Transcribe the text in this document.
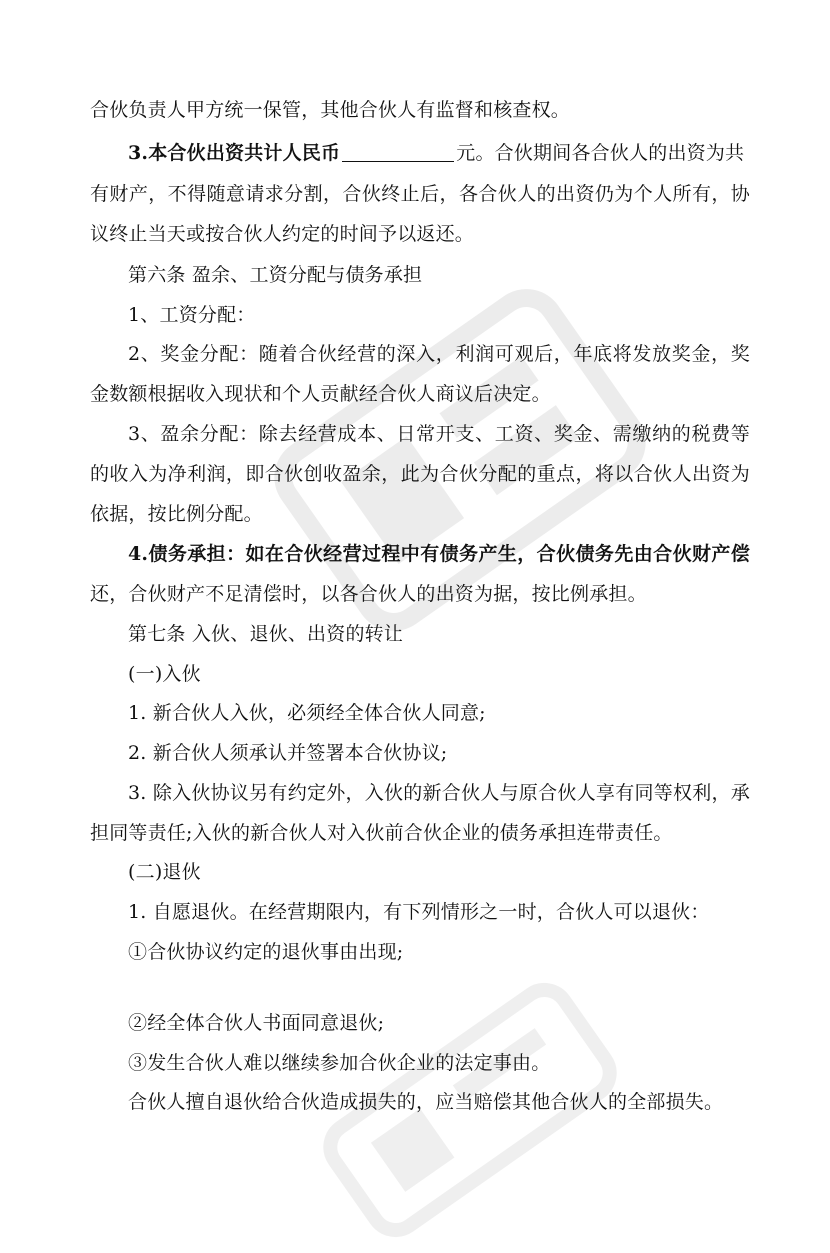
合伙负责人甲方统一保管，其他合伙人有监督和核查权。
3.本合伙出资共计人民币	元。合伙期间各合伙人的出资为共
有财产，不得随意请求分割，合伙终止后，各合伙人的出资仍为个人所有，协
议终止当天或按合伙人约定的时间予以返还。
第六条 盈余、工资分配与债务承担
1、工资分配：
2、奖金分配：随着合伙经营的深入，利润可观后，年底将发放奖金，奖
金数额根据收入现状和个人贡献经合伙人商议后决定。
3、盈余分配：除去经营成本、日常开支、工资、奖金、需缴纳的税费等
的收入为净利润，即合伙创收盈余，此为合伙分配的重点，将以合伙人出资为
依据，按比例分配。
4.债务承担：如在合伙经营过程中有债务产生，合伙债务先由合伙财产偿
还，合伙财产不足清偿时，以各合伙人的出资为据，按比例承担。
第七条 入伙、退伙、出资的转让
(一)入伙
1. 新合伙人入伙，必须经全体合伙人同意;
2. 新合伙人须承认并签署本合伙协议;
3. 除入伙协议另有约定外，入伙的新合伙人与原合伙人享有同等权利，承
担同等责任;入伙的新合伙人对入伙前合伙企业的债务承担连带责任。
(二)退伙
1. 自愿退伙。在经营期限内，有下列情形之一时，合伙人可以退伙：
①合伙协议约定的退伙事由出现;
②经全体合伙人书面同意退伙;
③发生合伙人难以继续参加合伙企业的法定事由。
合伙人擅自退伙给合伙造成损失的，应当赔偿其他合伙人的全部损失。
